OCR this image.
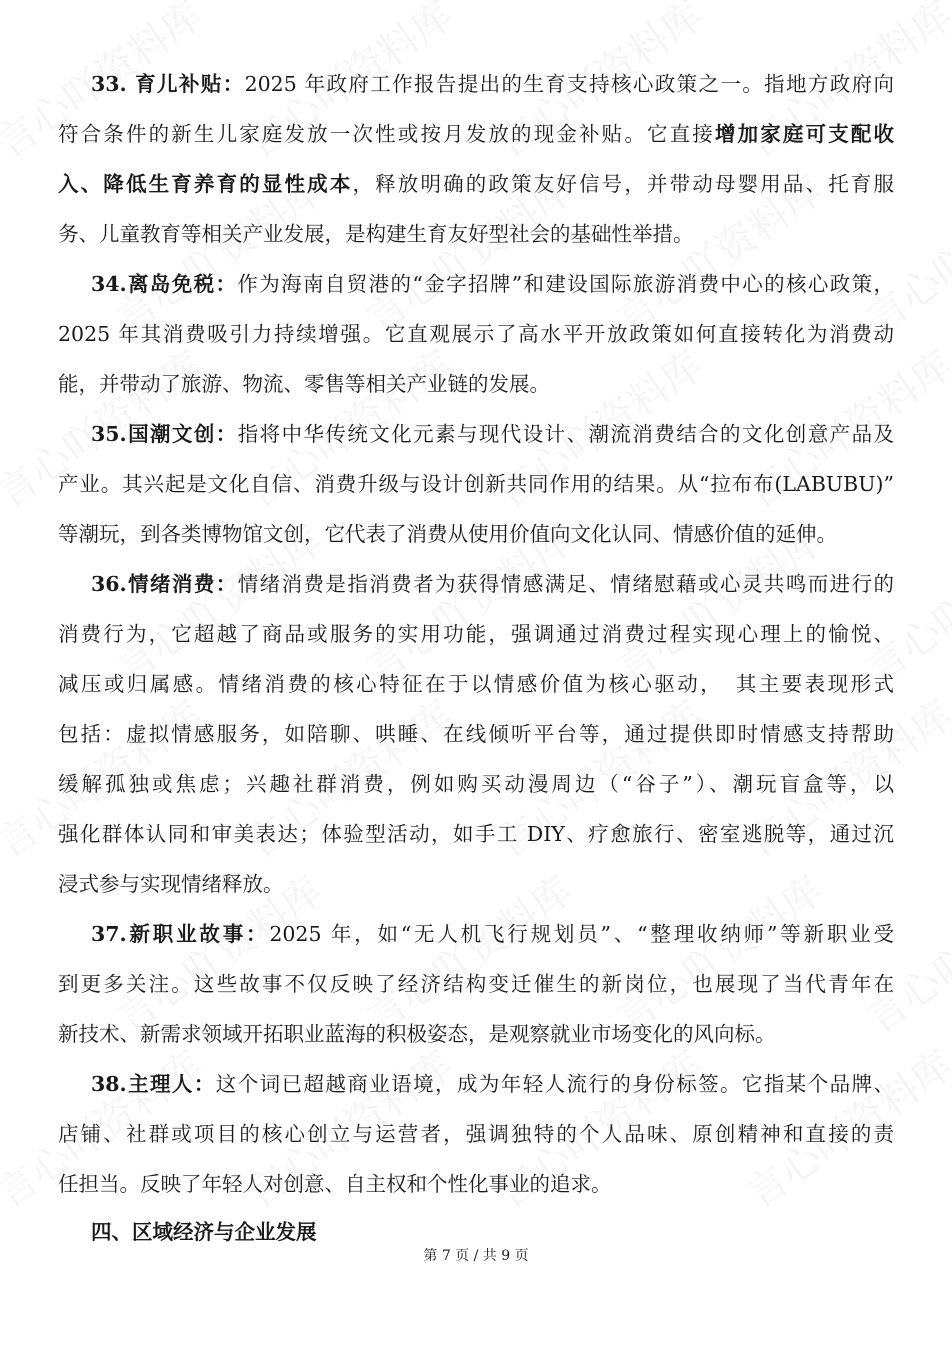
33. 育儿补贴：2025 年政府工作报告提出的生育支持核心政策之一。指地方政府向
符合条件的新生儿家庭发放一次性或按月发放的现金补贴。它直接增加家庭可支配收
入、降低生育养育的显性成本，释放明确的政策友好信号，并带动母婴用品、托育服
务、儿童教育等相关产业发展，是构建生育友好型社会的基础性举措。
34.离岛免税：作为海南自贸港的“金字招牌”和建设国际旅游消费中心的核心政策，
2025 年其消费吸引力持续增强。它直观展示了高水平开放政策如何直接转化为消费动
能，并带动了旅游、物流、零售等相关产业链的发展。
35.国潮文创：指将中华传统文化元素与现代设计、潮流消费结合的文化创意产品及
产业。其兴起是文化自信、消费升级与设计创新共同作用的结果。从“拉布布(LABUBU)”
等潮玩，到各类博物馆文创，它代表了消费从使用价值向文化认同、情感价值的延伸。
36.情绪消费：情绪消费是指消费者为获得情感满足、情绪慰藉或心灵共鸣而进行的
消费行为，它超越了商品或服务的实用功能，强调通过消费过程实现心理上的愉悦、
减压或归属感。情绪消费的核心特征在于以情感价值为核心驱动，　其主要表现形式
包括：虚拟情感服务，如陪聊、哄睡、在线倾听平台等，通过提供即时情感支持帮助
缓解孤独或焦虑；兴趣社群消费，例如购买动漫周边（“谷子”）、潮玩盲盒等，以
强化群体认同和审美表达；体验型活动，如手工 DIY、疗愈旅行、密室逃脱等，通过沉
浸式参与实现情绪释放。
37.新职业故事：2025 年，如“无人机飞行规划员”、“整理收纳师”等新职业受
到更多关注。这些故事不仅反映了经济结构变迁催生的新岗位，也展现了当代青年在
新技术、新需求领域开拓职业蓝海的积极姿态，是观察就业市场变化的风向标。
38.主理人：这个词已超越商业语境，成为年轻人流行的身份标签。它指某个品牌、
店铺、社群或项目的核心创立与运营者，强调独特的个人品味、原创精神和直接的责
任担当。反映了年轻人对创意、自主权和个性化事业的追求。
四、区域经济与企业发展
第 7 页 / 共 9 页
